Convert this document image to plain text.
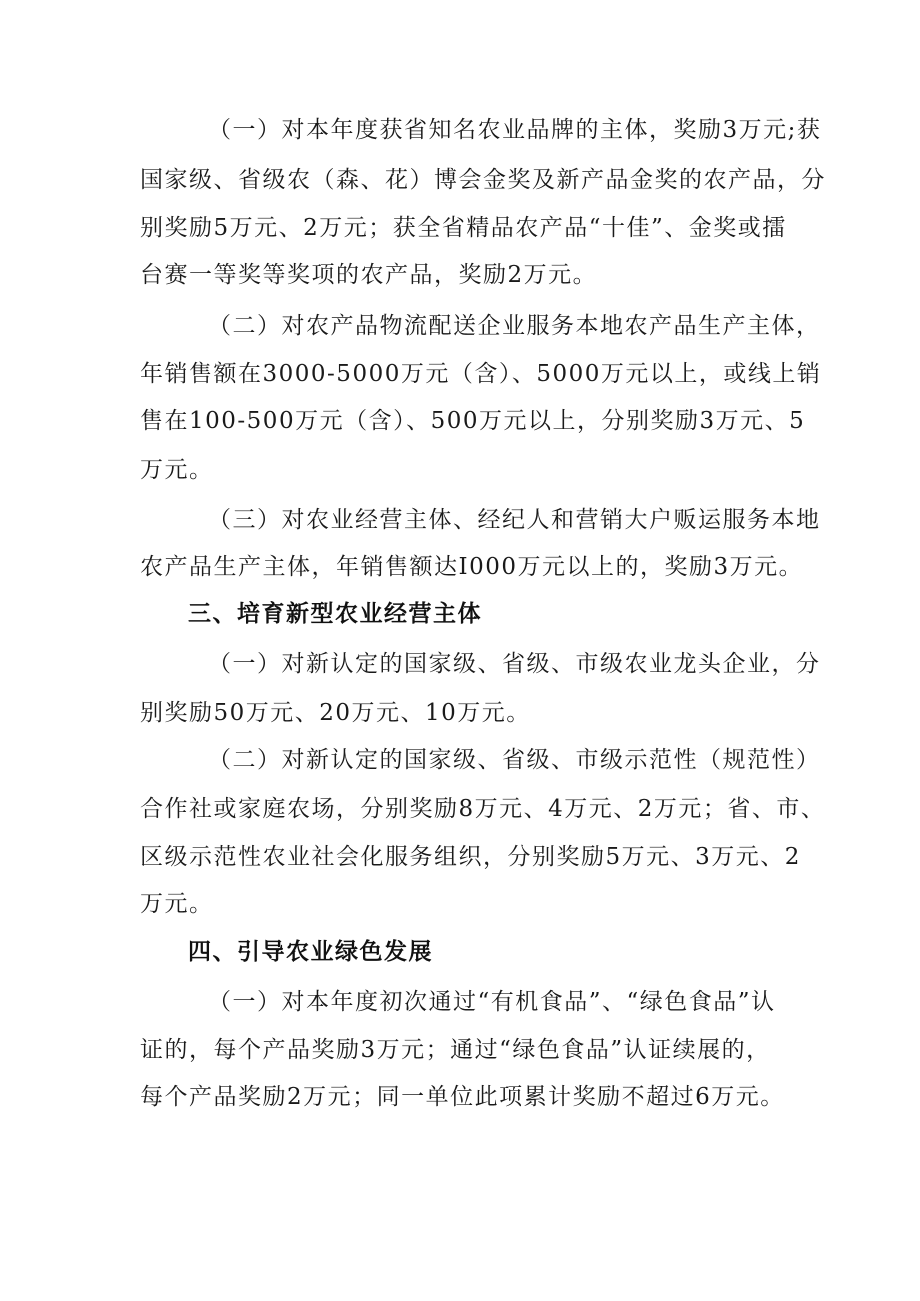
（一）对本年度获省知名农业品牌的主体，奖励3万元;获
国家级、省级农（森、花）博会金奖及新产品金奖的农产品，分
别奖励5万元、2万元；获全省精品农产品“十佳”、金奖或擂
台赛一等奖等奖项的农产品，奖励2万元。
（二）对农产品物流配送企业服务本地农产品生产主体，
年销售额在3000-5000万元（含）、5000万元以上，或线上销
售在100-500万元（含）、500万元以上，分别奖励3万元、5
万元。
（三）对农业经营主体、经纪人和营销大户贩运服务本地
农产品生产主体，年销售额达I000万元以上的，奖励3万元。
三、培育新型农业经营主体
（一）对新认定的国家级、省级、市级农业龙头企业，分
别奖励50万元、20万元、10万元。
（二）对新认定的国家级、省级、市级示范性（规范性）
合作社或家庭农场，分别奖励8万元、4万元、2万元；省、市、
区级示范性农业社会化服务组织，分别奖励5万元、3万元、2
万元。
四、引导农业绿色发展
（一）对本年度初次通过“有机食品”、“绿色食品”认
证的，每个产品奖励3万元；通过“绿色食品”认证续展的，
每个产品奖励2万元；同一单位此项累计奖励不超过6万元。
